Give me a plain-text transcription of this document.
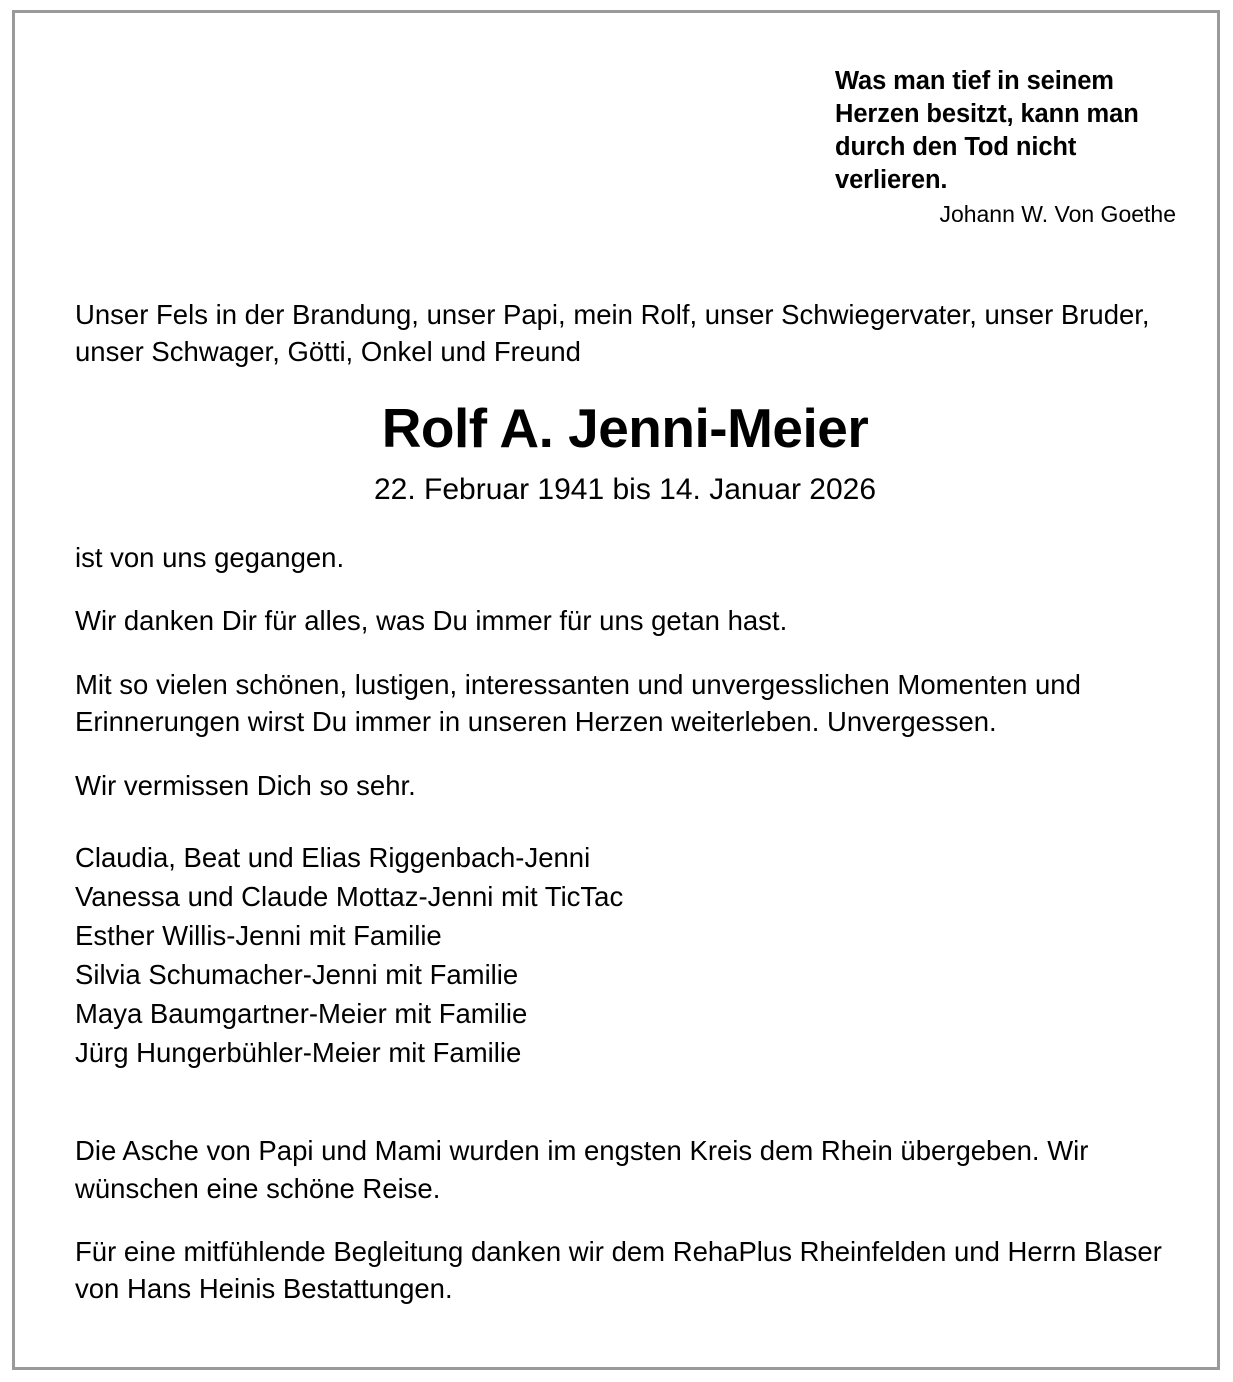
Was man tief in seinem Herzen besitzt, kann man durch den Tod nicht verlieren.

Johann W. Von Goethe

Unser Fels in der Brandung, unser Papi, mein Rolf, unser Schwiegervater, unser Bruder, unser Schwager, Götti, Onkel und Freund

Rolf A. Jenni-Meier

22. Februar 1941 bis 14. Januar 2026

ist von uns gegangen.

Wir danken Dir für alles, was Du immer für uns getan hast.

Mit so vielen schönen, lustigen, interessanten und unvergesslichen Momenten und Erinnerungen wirst Du immer in unseren Herzen weiterleben. Unvergessen.

Wir vermissen Dich so sehr.

Claudia, Beat und Elias Riggenbach-Jenni
Vanessa und Claude Mottaz-Jenni mit TicTac
Esther Willis-Jenni mit Familie
Silvia Schumacher-Jenni mit Familie
Maya Baumgartner-Meier mit Familie
Jürg Hungerbühler-Meier mit Familie

Die Asche von Papi und Mami wurden im engsten Kreis dem Rhein übergeben. Wir wünschen eine schöne Reise.

Für eine mitfühlende Begleitung danken wir dem RehaPlus Rheinfelden und Herrn Blaser von Hans Heinis Bestattungen.
